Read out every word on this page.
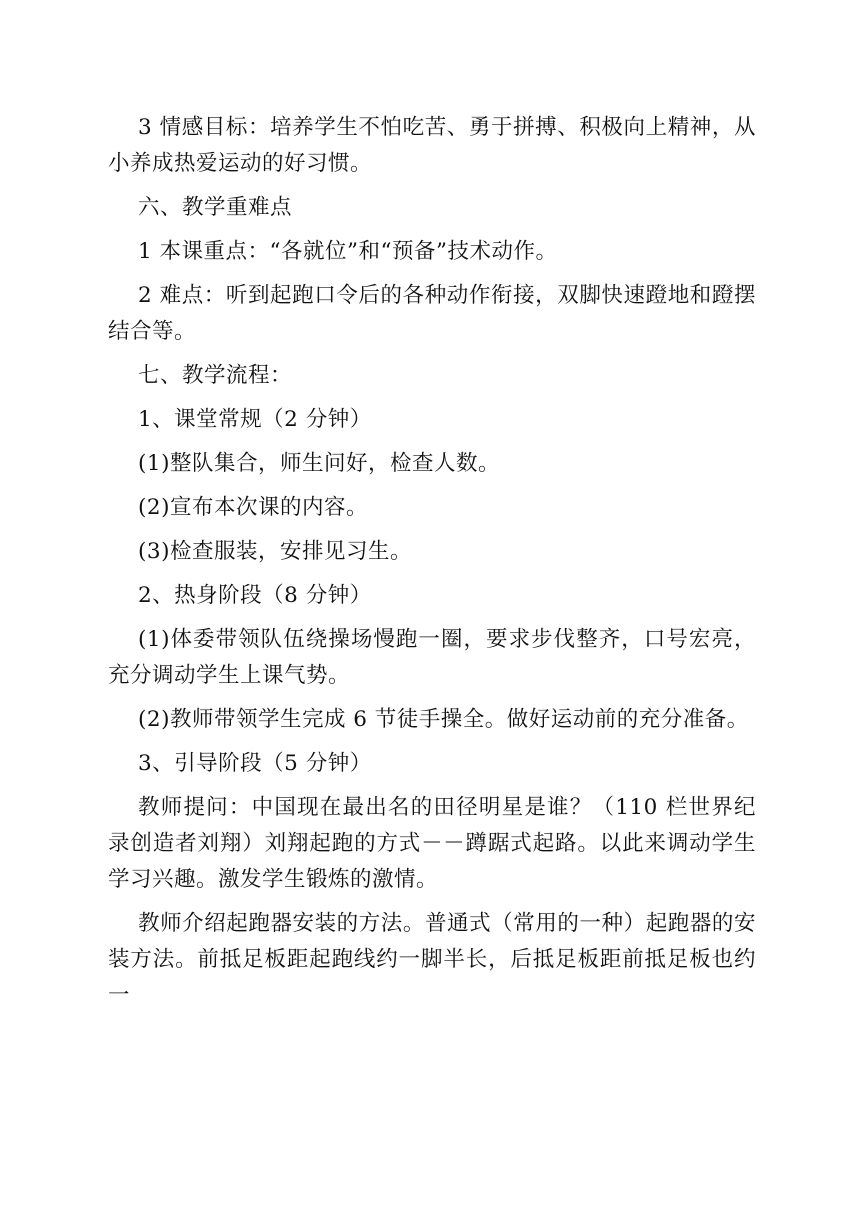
3 情感目标：培养学生不怕吃苦、勇于拼搏、积极向上精神，从小养成热爱运动的好习惯。

六、教学重难点

1 本课重点：“各就位”和“预备”技术动作。

2 难点：听到起跑口令后的各种动作衔接，双脚快速蹬地和蹬摆结合等。

七、教学流程：

1、课堂常规（2 分钟）

(1)整队集合，师生问好，检查人数。

(2)宣布本次课的内容。

(3)检查服装，安排见习生。

2、热身阶段（8 分钟）

(1)体委带领队伍绕操场慢跑一圈，要求步伐整齐，口号宏亮，充分调动学生上课气势。

(2)教师带领学生完成 6 节徒手操全。做好运动前的充分准备。

3、引导阶段（5 分钟）

教师提问：中国现在最出名的田径明星是谁？（110 栏世界纪录创造者刘翔）刘翔起跑的方式－－蹲踞式起路。以此来调动学生学习兴趣。激发学生锻炼的激情。

教师介绍起跑器安装的方法。普通式（常用的一种）起跑器的安装方法。前抵足板距起跑线约一脚半长，后抵足板距前抵足板也约一
